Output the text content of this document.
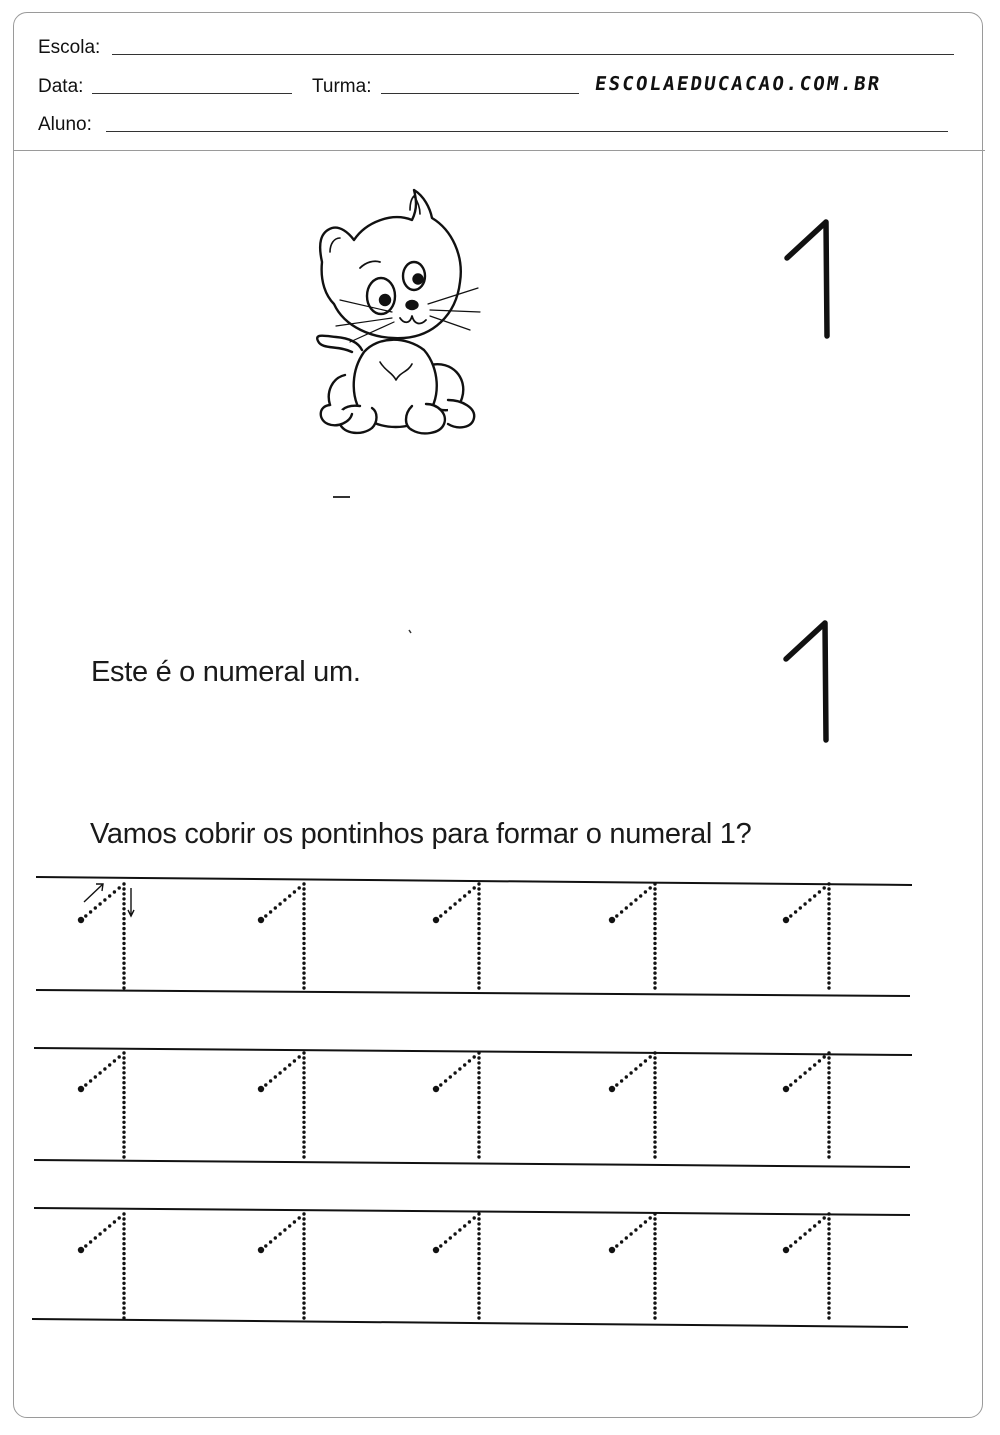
Escola:
Data:	Turma:	ESCOLAEDUCACAO.COM.BR
Aluno:
Este é o numeral um.
Vamos cobrir os pontinhos para formar o numeral 1?
